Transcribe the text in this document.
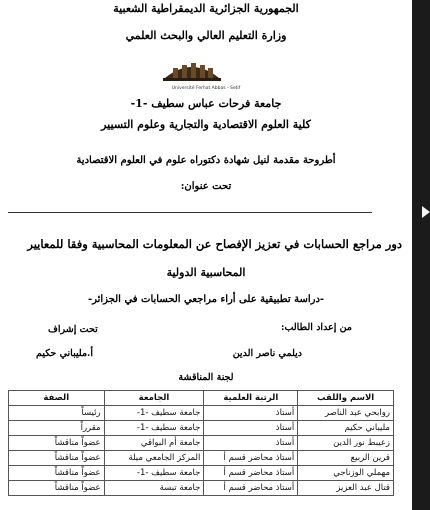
الجمهورية الجزائرية الديمقراطية الشعبية
وزارة التعليم العالي والبحث العلمي
Université Ferhat Abbas - Setif
جامعة فرحات عباس سطيف -1-
كلية العلوم الاقتصادية والتجارية وعلوم التسيير
أطروحة مقدمة لنيل شهادة دكتوراه علوم في العلوم الاقتصادية
تحت عنوان:
دور مراجع الحسابات في تعزيز الإفصاح عن المعلومات المحاسبية وفقا للمعايير
المحاسبية الدولية
-دراسة تطبيقية على أراء مراجعي الحسابات في الجزائر-
من إعداد الطالب:
تحت إشراف
ديلمي ناصر الدين
أ.مليباني حكيم
لجنة المناقشة
الاسم واللقب	الرتبة العلمية	الجامعة	الصفة
روابحي عبد الناصر	أستاذ	جامعة سطيف -1-	رئيساً
مليباني حكيم	أستاذ	جامعة سطيف -1-	مقرراً
زعيبط نور الدين	أستاذ	جامعة أم البواقي	عضواً مناقشاً
قرين الربيع	أستاذ محاضر قسم أ	المركز الجامعي ميلة	عضواً مناقشاً
مهملي الوزناجي	أستاذ محاضر قسم أ	جامعة سطيف -1-	عضواً مناقشاً
قتال عبد العزيز	أستاذ محاضر قسم أ	جامعة تبسة	عضواً مناقشاً
